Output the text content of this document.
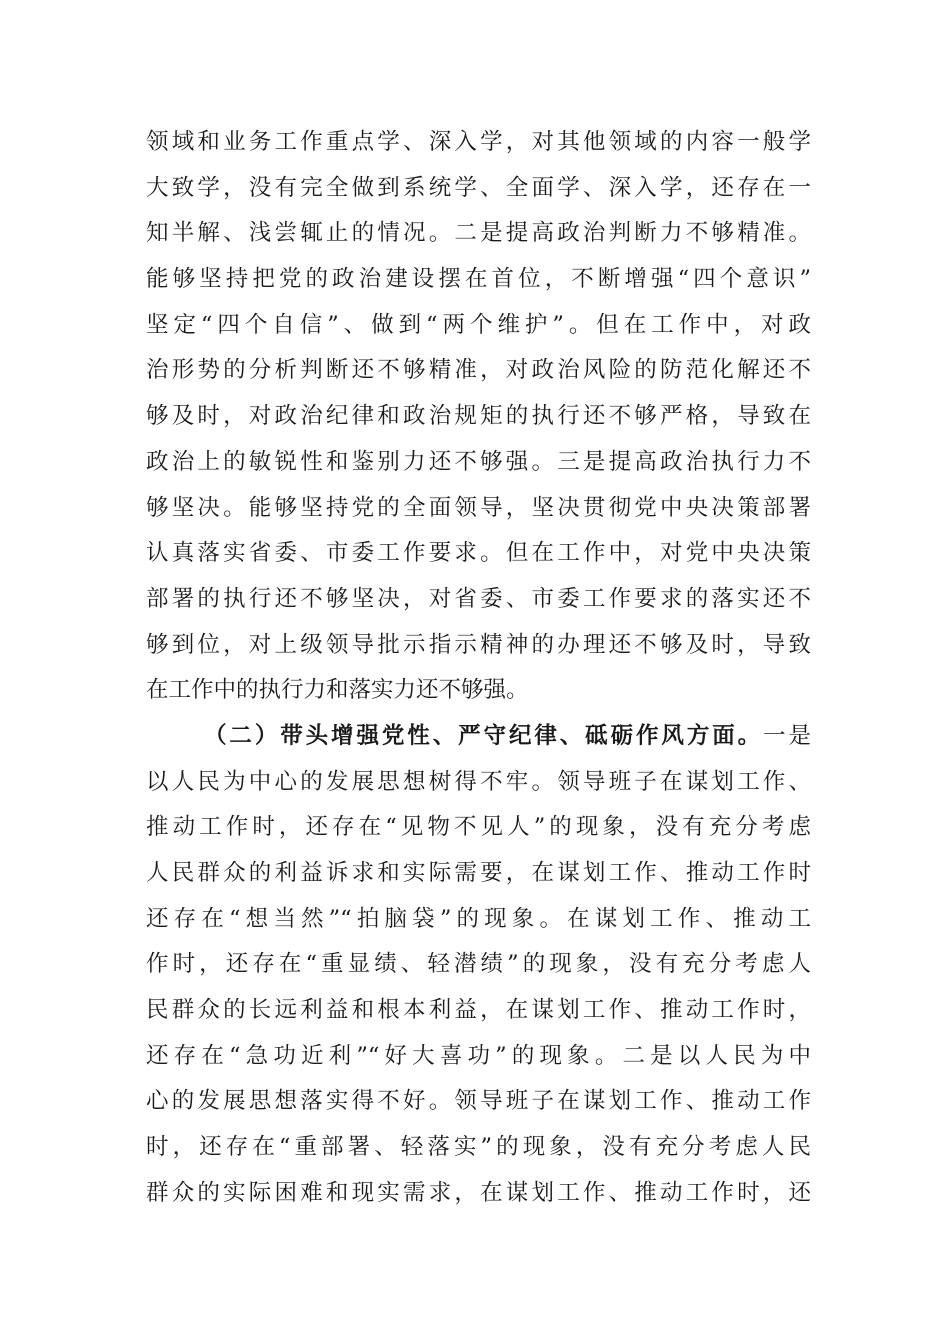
领域和业务工作重点学、深入学，对其他领域的内容一般学
大致学，没有完全做到系统学、全面学、深入学，还存在一
知半解、浅尝辄止的情况。二是提高政治判断力不够精准。
能够坚持把党的政治建设摆在首位，不断增强“四个意识”
坚定“四个自信”、做到“两个维护”。但在工作中，对政
治形势的分析判断还不够精准，对政治风险的防范化解还不
够及时，对政治纪律和政治规矩的执行还不够严格，导致在
政治上的敏锐性和鉴别力还不够强。三是提高政治执行力不
够坚决。能够坚持党的全面领导，坚决贯彻党中央决策部署
认真落实省委、市委工作要求。但在工作中，对党中央决策
部署的执行还不够坚决，对省委、市委工作要求的落实还不
够到位，对上级领导批示指示精神的办理还不够及时，导致
在工作中的执行力和落实力还不够强。
（二）带头增强党性、严守纪律、砥砺作风方面。一是
以人民为中心的发展思想树得不牢。领导班子在谋划工作、
推动工作时，还存在“见物不见人”的现象，没有充分考虑
人民群众的利益诉求和实际需要，在谋划工作、推动工作时
还存在“想当然”“拍脑袋”的现象。在谋划工作、推动工
作时，还存在“重显绩、轻潜绩”的现象，没有充分考虑人
民群众的长远利益和根本利益，在谋划工作、推动工作时，
还存在“急功近利”“好大喜功”的现象。二是以人民为中
心的发展思想落实得不好。领导班子在谋划工作、推动工作
时，还存在“重部署、轻落实”的现象，没有充分考虑人民
群众的实际困难和现实需求，在谋划工作、推动工作时，还
